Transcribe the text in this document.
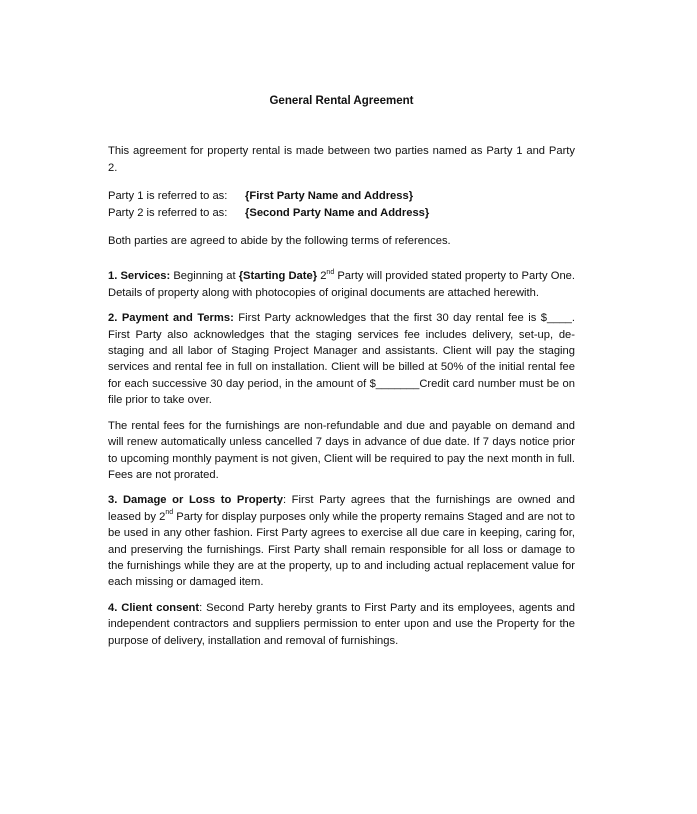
General Rental Agreement

This agreement for property rental is made between two parties named as Party 1 and Party 2.

Party 1 is referred to as:	{First Party Name and Address}
Party 2 is referred to as:	{Second Party Name and Address}

Both parties are agreed to abide by the following terms of references.

1. Services: Beginning at {Starting Date} 2nd Party will provided stated property to Party One. Details of property along with photocopies of original documents are attached herewith.

2. Payment and Terms: First Party acknowledges that the first 30 day rental fee is $____. First Party also acknowledges that the staging services fee includes delivery, set-up, de-staging and all labor of Staging Project Manager and assistants. Client will pay the staging services and rental fee in full on installation. Client will be billed at 50% of the initial rental fee for each successive 30 day period, in the amount of $_______Credit card number must be on file prior to take over.

The rental fees for the furnishings are non-refundable and due and payable on demand and will renew automatically unless cancelled 7 days in advance of due date. If 7 days notice prior to upcoming monthly payment is not given, Client will be required to pay the next month in full. Fees are not prorated.

3. Damage or Loss to Property: First Party agrees that the furnishings are owned and leased by 2nd Party for display purposes only while the property remains Staged and are not to be used in any other fashion. First Party agrees to exercise all due care in keeping, caring for, and preserving the furnishings. First Party shall remain responsible for all loss or damage to the furnishings while they are at the property, up to and including actual replacement value for each missing or damaged item.

4. Client consent: Second Party hereby grants to First Party and its employees, agents and independent contractors and suppliers permission to enter upon and use the Property for the purpose of delivery, installation and removal of furnishings.
